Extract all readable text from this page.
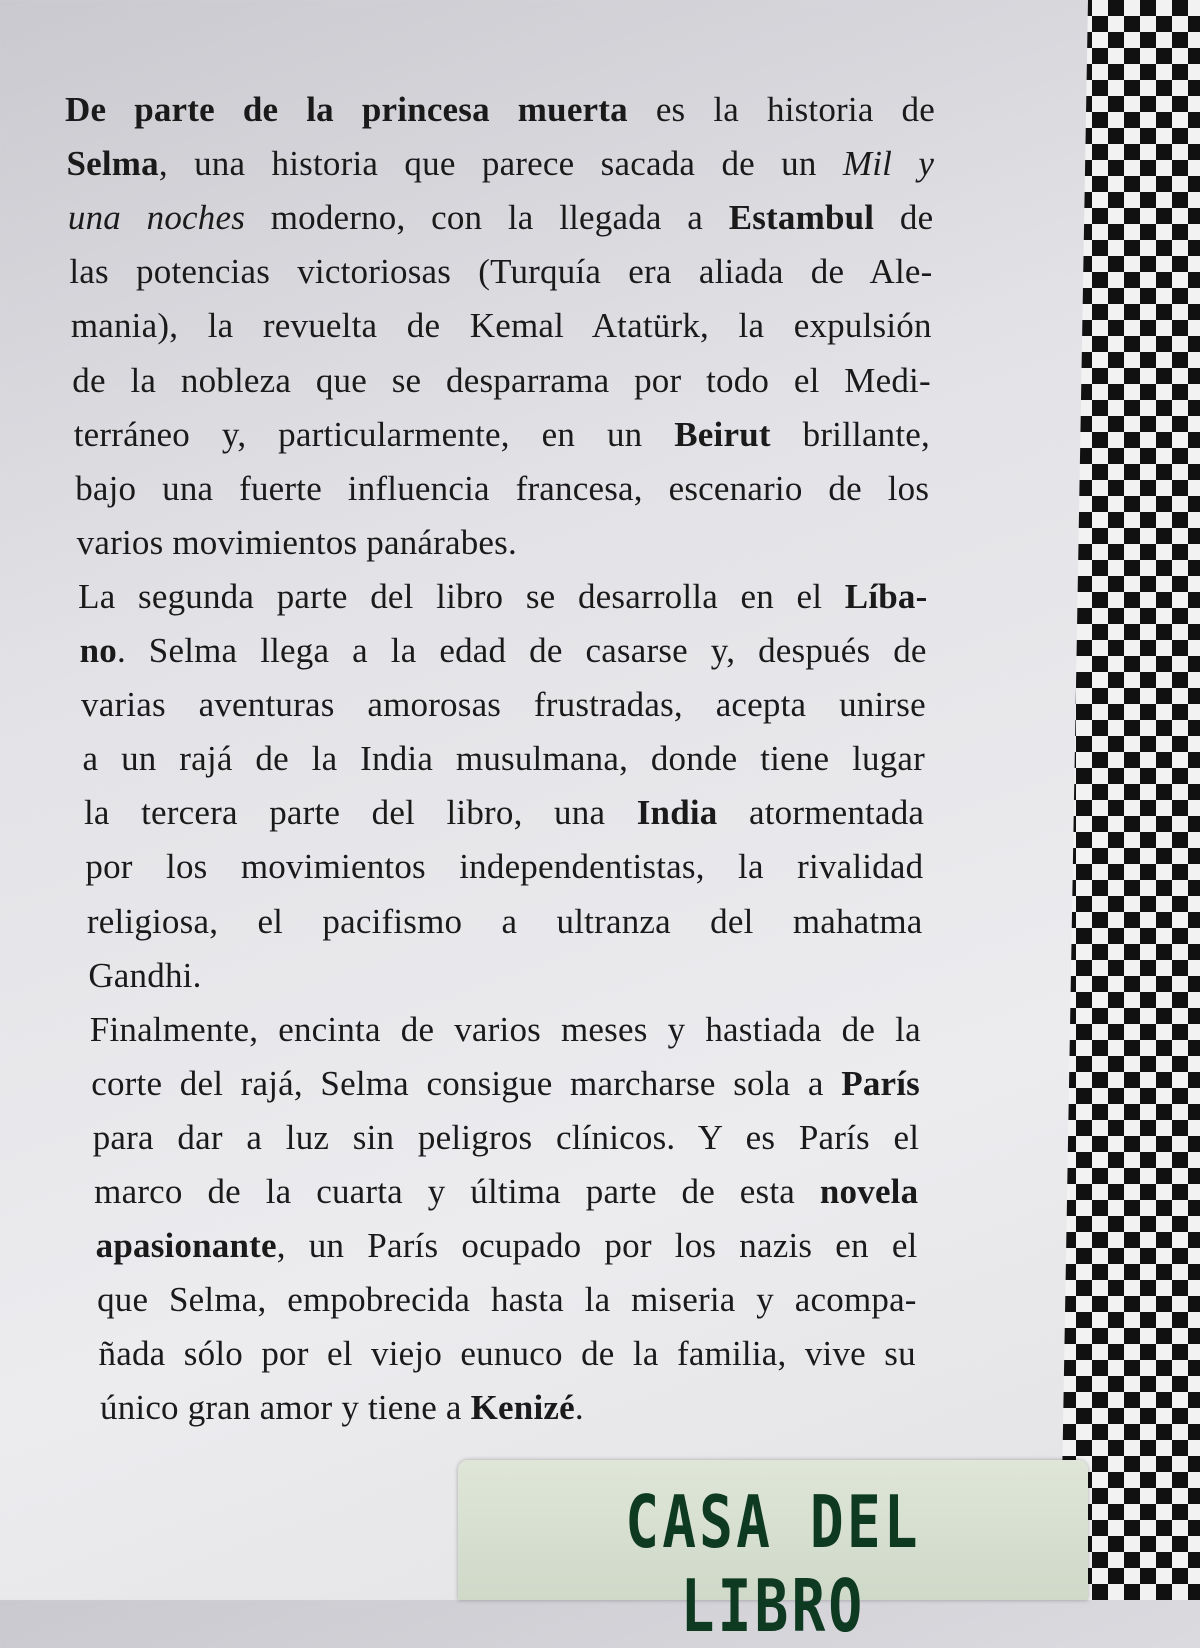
De parte de la princesa muerta es la historia de
Selma, una historia que parece sacada de un Mil y
una noches moderno, con la llegada a Estambul de
las potencias victoriosas (Turquía era aliada de Ale-
mania), la revuelta de Kemal Atatürk, la expulsión
de la nobleza que se desparrama por todo el Medi-
terráneo y, particularmente, en un Beirut brillante,
bajo una fuerte influencia francesa, escenario de los
varios movimientos panárabes.
La segunda parte del libro se desarrolla en el Líba-
no. Selma llega a la edad de casarse y, después de
varias aventuras amorosas frustradas, acepta unirse
a un rajá de la India musulmana, donde tiene lugar
la tercera parte del libro, una India atormentada
por los movimientos independentistas, la rivalidad
religiosa, el pacifismo a ultranza del mahatma
Gandhi.
Finalmente, encinta de varios meses y hastiada de la
corte del rajá, Selma consigue marcharse sola a París
para dar a luz sin peligros clínicos. Y es París el
marco de la cuarta y última parte de esta novela
apasionante, un París ocupado por los nazis en el
que Selma, empobrecida hasta la miseria y acompa-
ñada sólo por el viejo eunuco de la familia, vive su
único gran amor y tiene a Kenizé.
CASA DEL LIBRO
